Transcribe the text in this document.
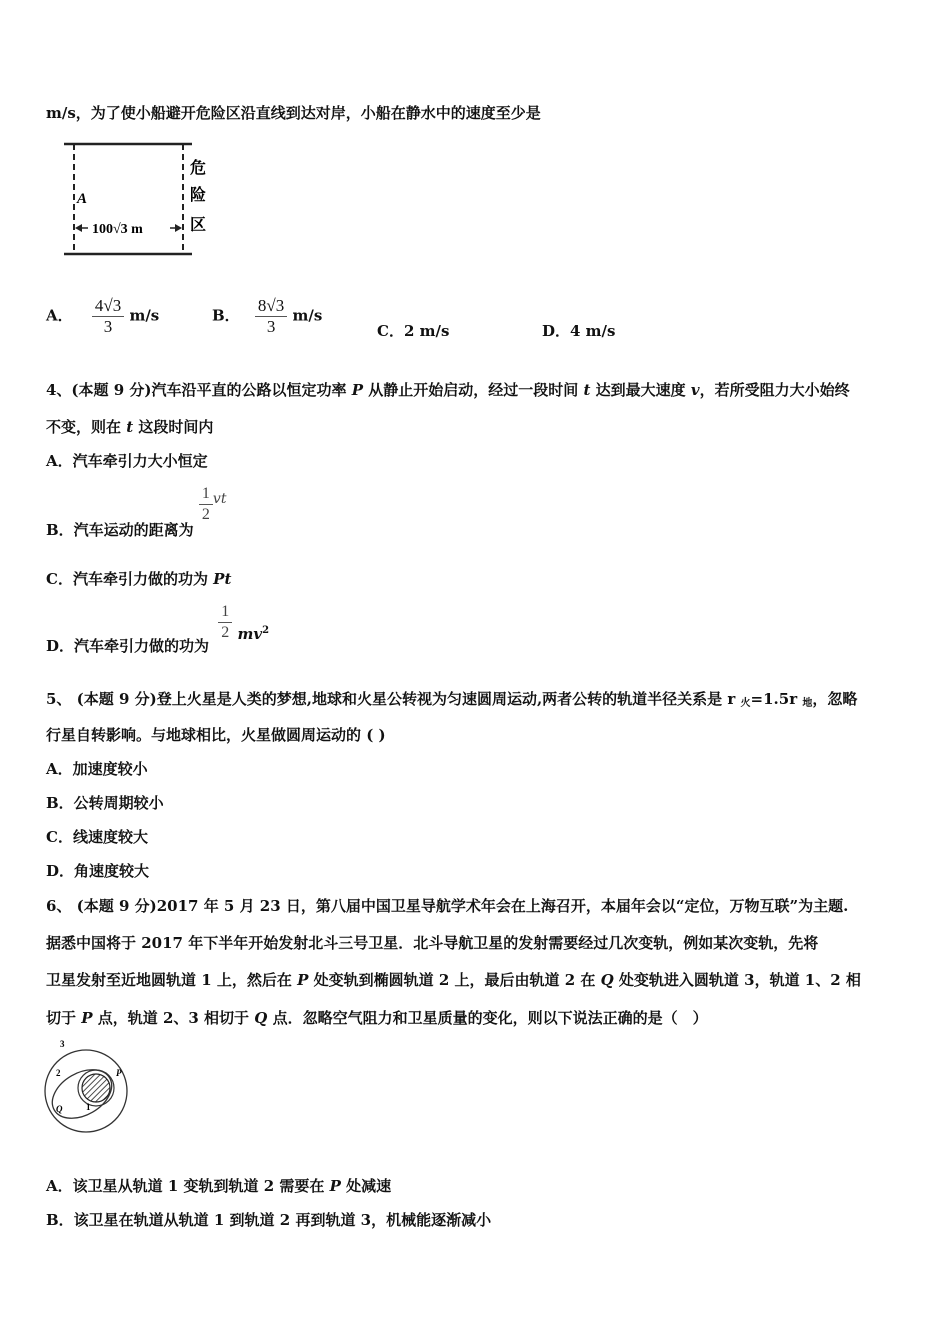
m/s，为了使小船避开危险区沿直线到达对岸，小船在静水中的速度至少是
A
100√3 m
危
险
区
A． $\frac{4√3}{3} m/s$	B． $\frac{8√3}{3} m/s$
C．2 m/s	D．4 m/s
4、(本题 9 分)汽车沿平直的公路以恒定功率 P 从静止开始启动，经过一段时间 t 达到最大速度 v，若所受阻力大小始终
不变，则在 t 这段时间内
A．汽车牵引力大小恒定
B．汽车运动的距离为
$\frac{1}{2}$ vt
C．汽车牵引力做的功为 Pt
D．汽车牵引力做的功为
$\frac{1}{2} mv_2$
5、 (本题 9 分)登上火星是人类的梦想,地球和火星公转视为匀速圆周运动,两者公转的轨道半径关系是 r $_火$=1.5r $_地$，忽略
行星自转影响。与地球相比，火星做圆周运动的 ( )
A．加速度较小
B．公转周期较小
C．线速度较大
D．角速度较大
6、 (本题 9 分)2017 年 5 月 23 日，第八届中国卫星导航学术年会在上海召开，本届年会以“定位，万物互联”为主题.
据悉中国将于 2017 年下半年开始发射北斗三号卫星．北斗导航卫星的发射需要经过几次变轨，例如某次变轨，先将
卫星发射至近地圆轨道 1 上，然后在 P 处变轨到椭圆轨道 2 上，最后由轨道 2 在 Q 处变轨进入圆轨道 3，轨道 1、2 相
切于 P 点，轨道 2、3 相切于 Q 点．忽略空气阻力和卫星质量的变化，则以下说法正确的是（　）
3
2
1
P
Q
A．该卫星从轨道 1 变轨到轨道 2 需要在 P 处减速
B．该卫星在轨道从轨道 1 到轨道 2 再到轨道 3，机械能逐渐减小
